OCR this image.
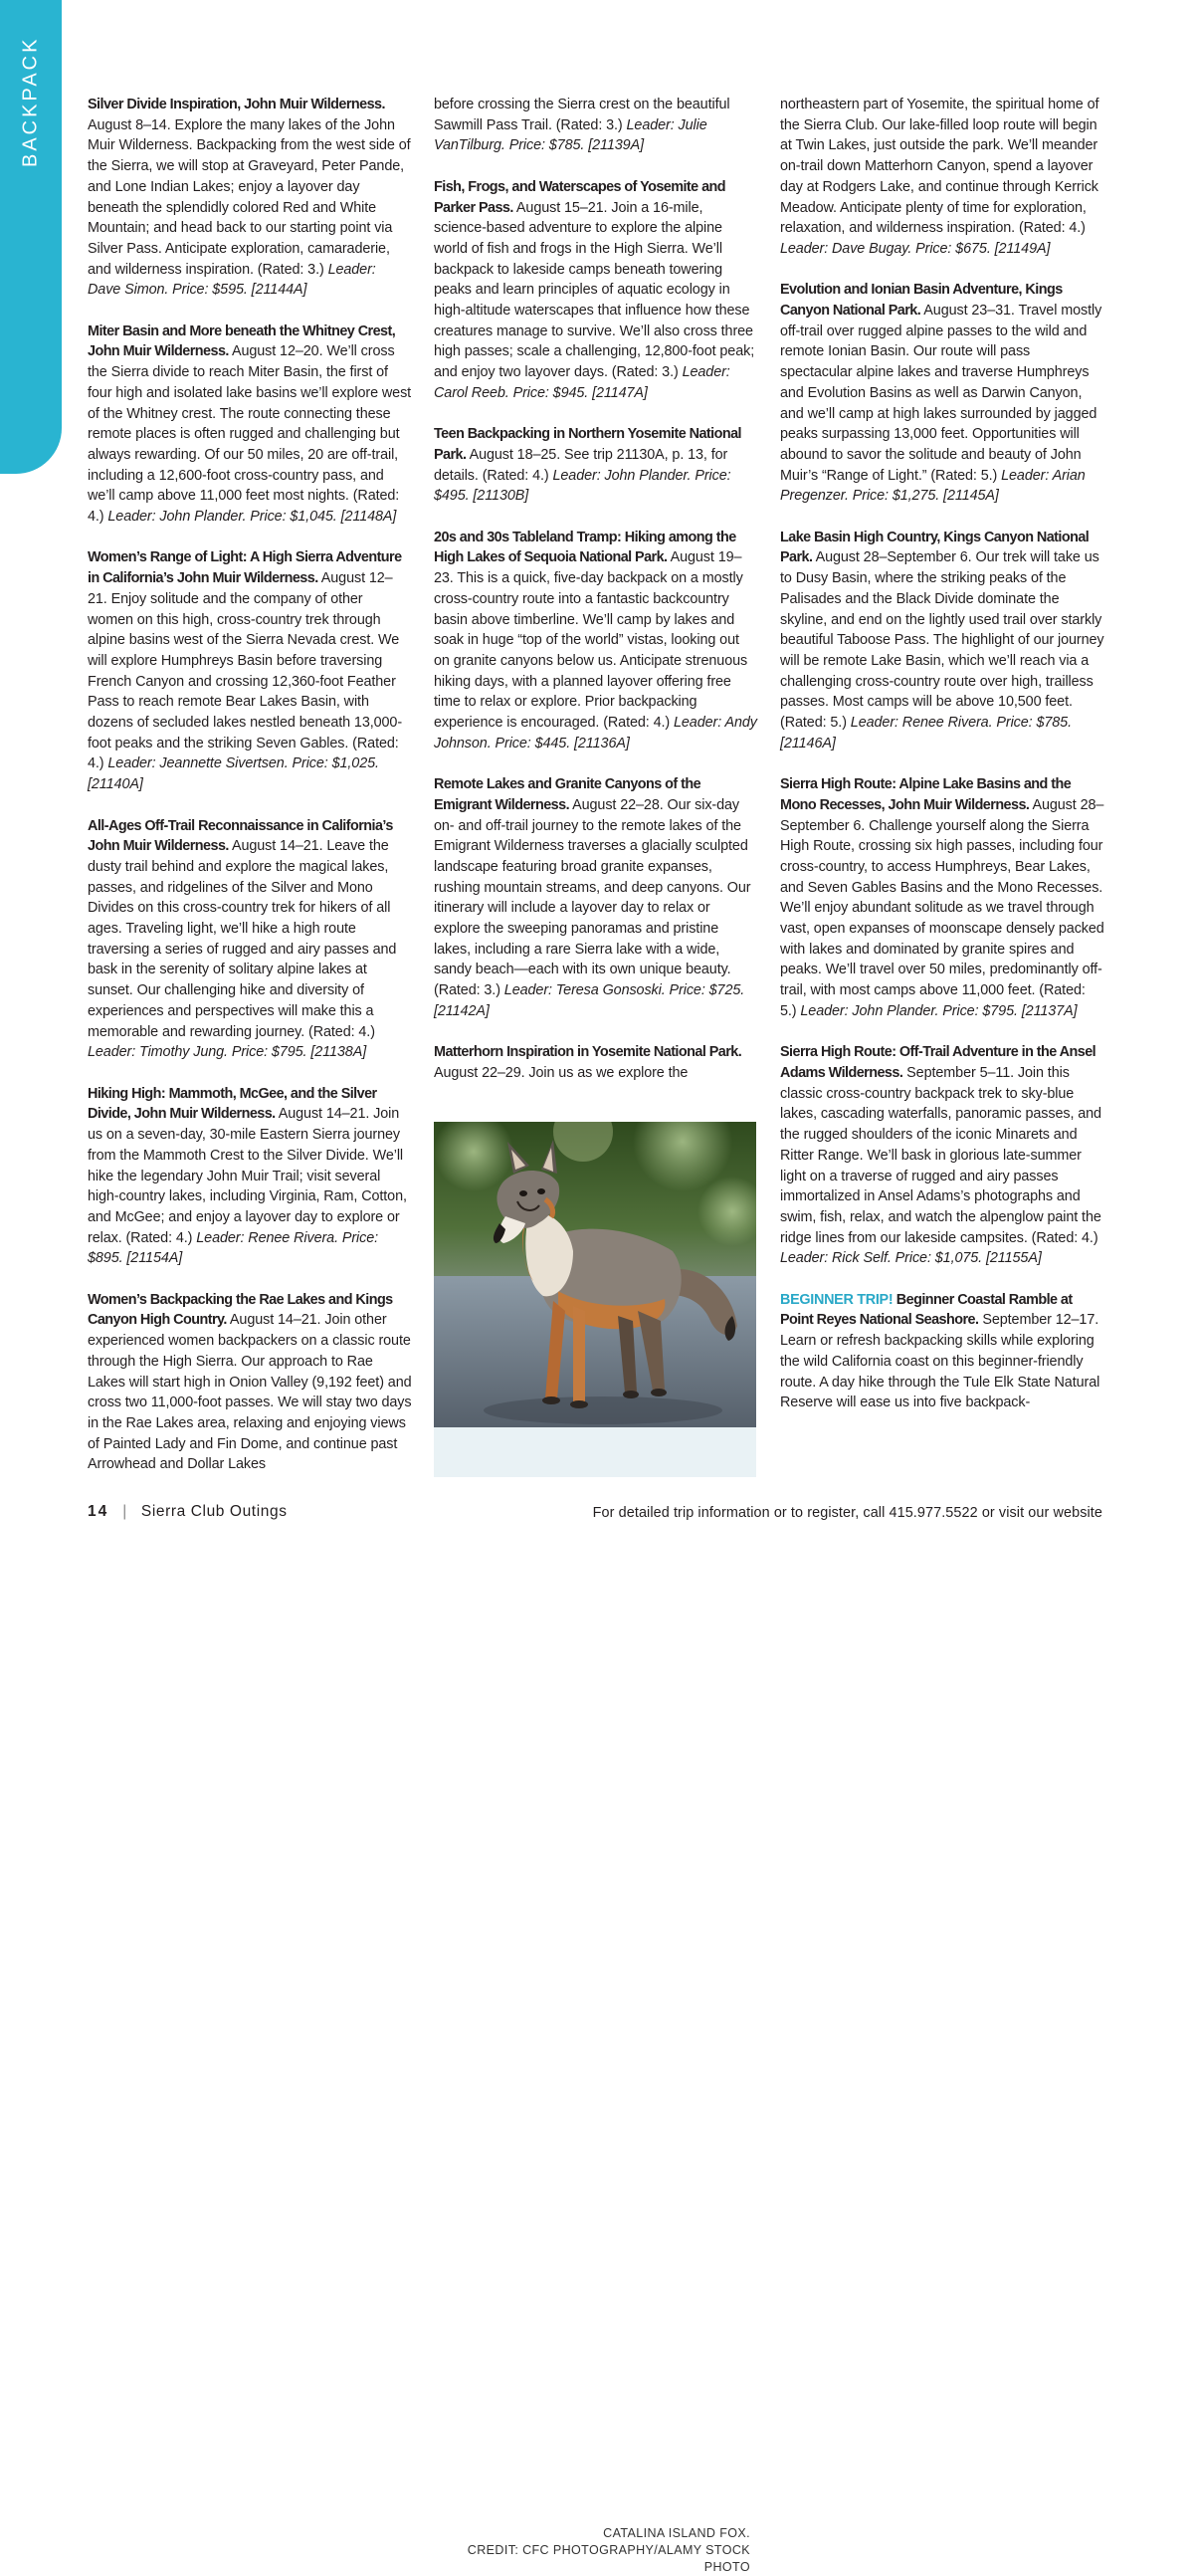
BACKPACK	Silver Divide Inspiration, John Muir Wilderness. August 8–14. Explore the many lakes of the John Muir Wilderness. Backpacking from the west side of the Sierra, we will stop at Graveyard, Peter Pande, and Lone Indian Lakes; enjoy a layover day beneath the splendidly colored Red and White Mountain; and head back to our starting point via Silver Pass. Anticipate exploration, camaraderie, and wilderness inspiration. (Rated: 3.) Leader: Dave Simon. Price: $595. [21144A]

Miter Basin and More beneath the Whitney Crest, John Muir Wilderness. August 12–20. We’ll cross the Sierra divide to reach Miter Basin, the first of four high and isolated lake basins we’ll explore west of the Whitney crest. The route connecting these remote places is often rugged and challenging but always rewarding. Of our 50 miles, 20 are off-trail, including a 12,600-foot cross-country pass, and we’ll camp above 11,000 feet most nights. (Rated: 4.) Leader: John Plander. Price: $1,045. [21148A]

Women’s Range of Light: A High Sierra Adventure in California’s John Muir Wilderness. August 12–21. Enjoy solitude and the company of other women on this high, cross-country trek through alpine basins west of the Sierra Nevada crest. We will explore Humphreys Basin before traversing French Canyon and crossing 12,360-foot Feather Pass to reach remote Bear Lakes Basin, with dozens of secluded lakes nestled beneath 13,000-foot peaks and the striking Seven Gables. (Rated: 4.) Leader: Jeannette Sivertsen. Price: $1,025. [21140A]

All-Ages Off-Trail Reconnaissance in California’s John Muir Wilderness. August 14–21. Leave the dusty trail behind and explore the magical lakes, passes, and ridgelines of the Silver and Mono Divides on this cross-country trek for hikers of all ages. Traveling light, we’ll hike a high route traversing a series of rugged and airy passes and bask in the serenity of solitary alpine lakes at sunset. Our challenging hike and diversity of experiences and perspectives will make this a memorable and rewarding journey. (Rated: 4.) Leader: Timothy Jung. Price: $795. [21138A]

Hiking High: Mammoth, McGee, and the Silver Divide, John Muir Wilderness. August 14–21. Join us on a seven-day, 30-mile Eastern Sierra journey from the Mammoth Crest to the Silver Divide. We’ll hike the legendary John Muir Trail; visit several high-country lakes, including Virginia, Ram, Cotton, and McGee; and enjoy a layover day to explore or relax. (Rated: 4.) Leader: Renee Rivera. Price: $895. [21154A]

Women’s Backpacking the Rae Lakes and Kings Canyon High Country. August 14–21. Join other experienced women backpackers on a classic route through the High Sierra. Our approach to Rae Lakes will start high in Onion Valley (9,192 feet) and cross two 11,000-foot passes. We will stay two days in the Rae Lakes area, relaxing and enjoying views of Painted Lady and Fin Dome, and continue past Arrowhead and Dollar Lakes

before crossing the Sierra crest on the beautiful Sawmill Pass Trail. (Rated: 3.) Leader: Julie VanTilburg. Price: $785. [21139A]

Fish, Frogs, and Waterscapes of Yosemite and Parker Pass. August 15–21. Join a 16-mile, science-based adventure to explore the alpine world of fish and frogs in the High Sierra. We’ll backpack to lakeside camps beneath towering peaks and learn principles of aquatic ecology in high-altitude waterscapes that influence how these creatures manage to survive. We’ll also cross three high passes; scale a challenging, 12,800-foot peak; and enjoy two layover days. (Rated: 3.) Leader: Carol Reeb. Price: $945. [21147A]

Teen Backpacking in Northern Yosemite National Park. August 18–25. See trip 21130A, p. 13, for details. (Rated: 4.) Leader: John Plander. Price: $495. [21130B]

20s and 30s Tableland Tramp: Hiking among the High Lakes of Sequoia National Park. August 19–23. This is a quick, five-day backpack on a mostly cross-country route into a fantastic backcountry basin above timberline. We’ll camp by lakes and soak in huge “top of the world” vistas, looking out on granite canyons below us. Anticipate strenuous hiking days, with a planned layover offering free time to relax or explore. Prior backpacking experience is encouraged. (Rated: 4.) Leader: Andy Johnson. Price: $445. [21136A]

Remote Lakes and Granite Canyons of the Emigrant Wilderness. August 22–28. Our six-day on- and off-trail journey to the remote lakes of the Emigrant Wilderness traverses a glacially sculpted landscape featuring broad granite expanses, rushing mountain streams, and deep canyons. Our itinerary will include a layover day to relax or explore the sweeping panoramas and pristine lakes, including a rare Sierra lake with a wide, sandy beach—each with its own unique beauty. (Rated: 3.) Leader: Teresa Gonsoski. Price: $725. [21142A]

Matterhorn Inspiration in Yosemite National Park. August 22–29. Join us as we explore the

northeastern part of Yosemite, the spiritual home of the Sierra Club. Our lake-filled loop route will begin at Twin Lakes, just outside the park. We’ll meander on-trail down Matterhorn Canyon, spend a layover day at Rodgers Lake, and continue through Kerrick Meadow. Anticipate plenty of time for exploration, relaxation, and wilderness inspiration. (Rated: 4.) Leader: Dave Bugay. Price: $675. [21149A]

Evolution and Ionian Basin Adventure, Kings Canyon National Park. August 23–31. Travel mostly off-trail over rugged alpine passes to the wild and remote Ionian Basin. Our route will pass spectacular alpine lakes and traverse Humphreys and Evolution Basins as well as Darwin Canyon, and we’ll camp at high lakes surrounded by jagged peaks surpassing 13,000 feet. Opportunities will abound to savor the solitude and beauty of John Muir’s “Range of Light.” (Rated: 5.) Leader: Arian Pregenzer. Price: $1,275. [21145A]

Lake Basin High Country, Kings Canyon National Park. August 28–September 6. Our trek will take us to Dusy Basin, where the striking peaks of the Palisades and the Black Divide dominate the skyline, and end on the lightly used trail over starkly beautiful Taboose Pass. The highlight of our journey will be remote Lake Basin, which we’ll reach via a challenging cross-country route over high, trailless passes. Most camps will be above 10,500 feet. (Rated: 5.) Leader: Renee Rivera. Price: $785. [21146A]

Sierra High Route: Alpine Lake Basins and the Mono Recesses, John Muir Wilderness. August 28–September 6. Challenge yourself along the Sierra High Route, crossing six high passes, including four cross-country, to access Humphreys, Bear Lakes, and Seven Gables Basins and the Mono Recesses. We’ll enjoy abundant solitude as we travel through vast, open expanses of moonscape densely packed with lakes and dominated by granite spires and peaks. We’ll travel over 50 miles, predominantly off-trail, with most camps above 11,000 feet. (Rated: 5.) Leader: John Plander. Price: $795. [21137A]

Sierra High Route: Off-Trail Adventure in the Ansel Adams Wilderness. September 5–11. Join this classic cross-country backpack trek to sky-blue lakes, cascading waterfalls, panoramic passes, and the rugged shoulders of the iconic Minarets and Ritter Range. We’ll bask in glorious late-summer light on a traverse of rugged and airy passes immortalized in Ansel Adams’s photographs and swim, fish, relax, and watch the alpenglow paint the ridge lines from our lakeside campsites. (Rated: 4.) Leader: Rick Self. Price: $1,075. [21155A]

BEGINNER TRIP! Beginner Coastal Ramble at Point Reyes National Seashore. September 12–17. Learn or refresh backpacking skills while exploring the wild California coast on this beginner-friendly route. A day hike through the Tule Elk State Natural Reserve will ease us into five backpack-

CATALINA ISLAND FOX.
CREDIT: CFC PHOTOGRAPHY/ALAMY STOCK PHOTO
14 | Sierra Club Outings	For detailed trip information or to register, call 415.977.5522 or visit our website
